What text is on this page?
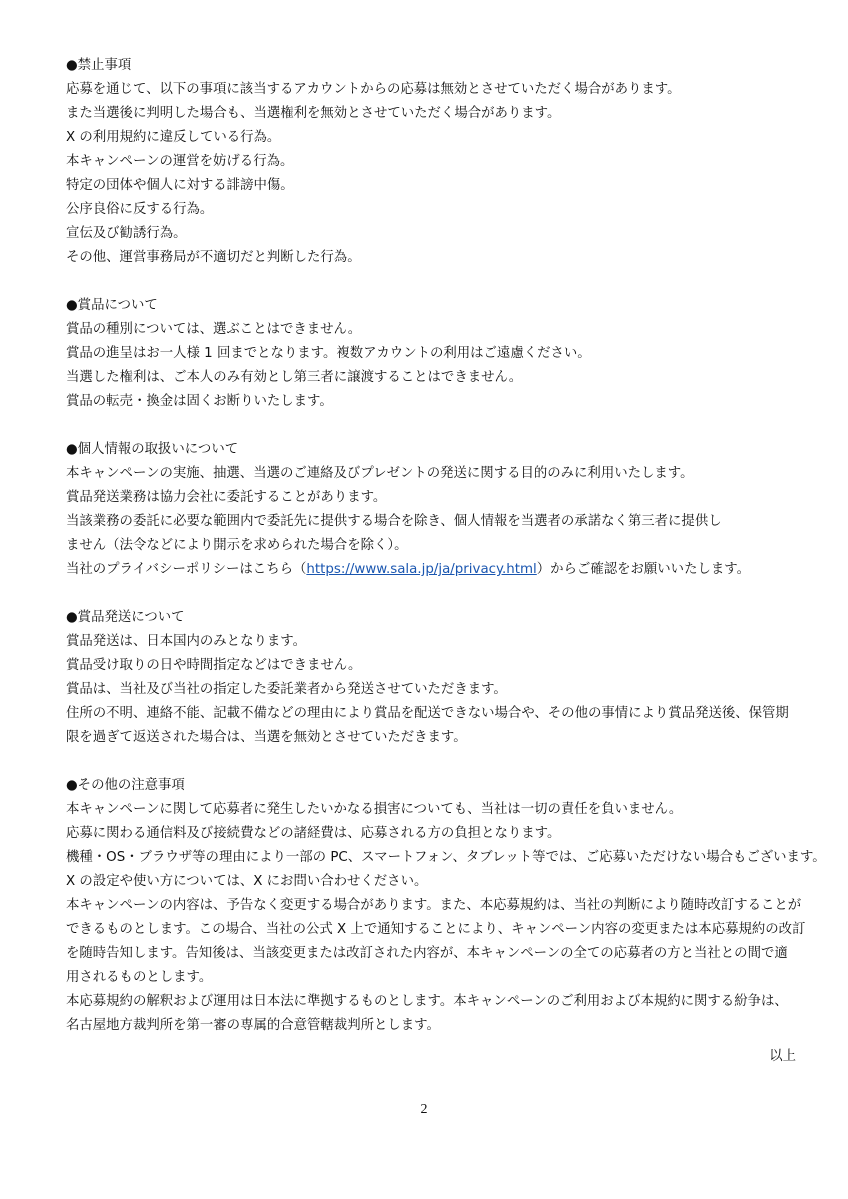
●禁止事項
応募を通じて、以下の事項に該当するアカウントからの応募は無効とさせていただく場合があります。
また当選後に判明した場合も、当選権利を無効とさせていただく場合があります。
X の利用規約に違反している行為。
本キャンペーンの運営を妨げる行為。
特定の団体や個人に対する誹謗中傷。
公序良俗に反する行為。
宣伝及び勧誘行為。
その他、運営事務局が不適切だと判断した行為。
●賞品について
賞品の種別については、選ぶことはできません。
賞品の進呈はお一人様 1 回までとなります。複数アカウントの利用はご遠慮ください。
当選した権利は、ご本人のみ有効とし第三者に譲渡することはできません。
賞品の転売・換金は固くお断りいたします。
●個人情報の取扱いについて
本キャンペーンの実施、抽選、当選のご連絡及びプレゼントの発送に関する目的のみに利用いたします。
賞品発送業務は協力会社に委託することがあります。
当該業務の委託に必要な範囲内で委託先に提供する場合を除き、個人情報を当選者の承諾なく第三者に提供し
ません（法令などにより開示を求められた場合を除く）。
当社のプライバシーポリシーはこちら（https://www.sala.jp/ja/privacy.html）からご確認をお願いいたします。
●賞品発送について
賞品発送は、日本国内のみとなります。
賞品受け取りの日や時間指定などはできません。
賞品は、当社及び当社の指定した委託業者から発送させていただきます。
住所の不明、連絡不能、記載不備などの理由により賞品を配送できない場合や、その他の事情により賞品発送後、保管期
限を過ぎて返送された場合は、当選を無効とさせていただきます。
●その他の注意事項
本キャンペーンに関して応募者に発生したいかなる損害についても、当社は一切の責任を負いません。
応募に関わる通信料及び接続費などの諸経費は、応募される方の負担となります。
機種・OS・ブラウザ等の理由により一部の PC、スマートフォン、タブレット等では、ご応募いただけない場合もございます。
X の設定や使い方については、X にお問い合わせください。
本キャンペーンの内容は、予告なく変更する場合があります。また、本応募規約は、当社の判断により随時改訂することが
できるものとします。この場合、当社の公式 X 上で通知することにより、キャンペーン内容の変更または本応募規約の改訂
を随時告知します。告知後は、当該変更または改訂された内容が、本キャンペーンの全ての応募者の方と当社との間で適
用されるものとします。
本応募規約の解釈および運用は日本法に準拠するものとします。本キャンペーンのご利用および本規約に関する紛争は、
名古屋地方裁判所を第一審の専属的合意管轄裁判所とします。
以上
2
